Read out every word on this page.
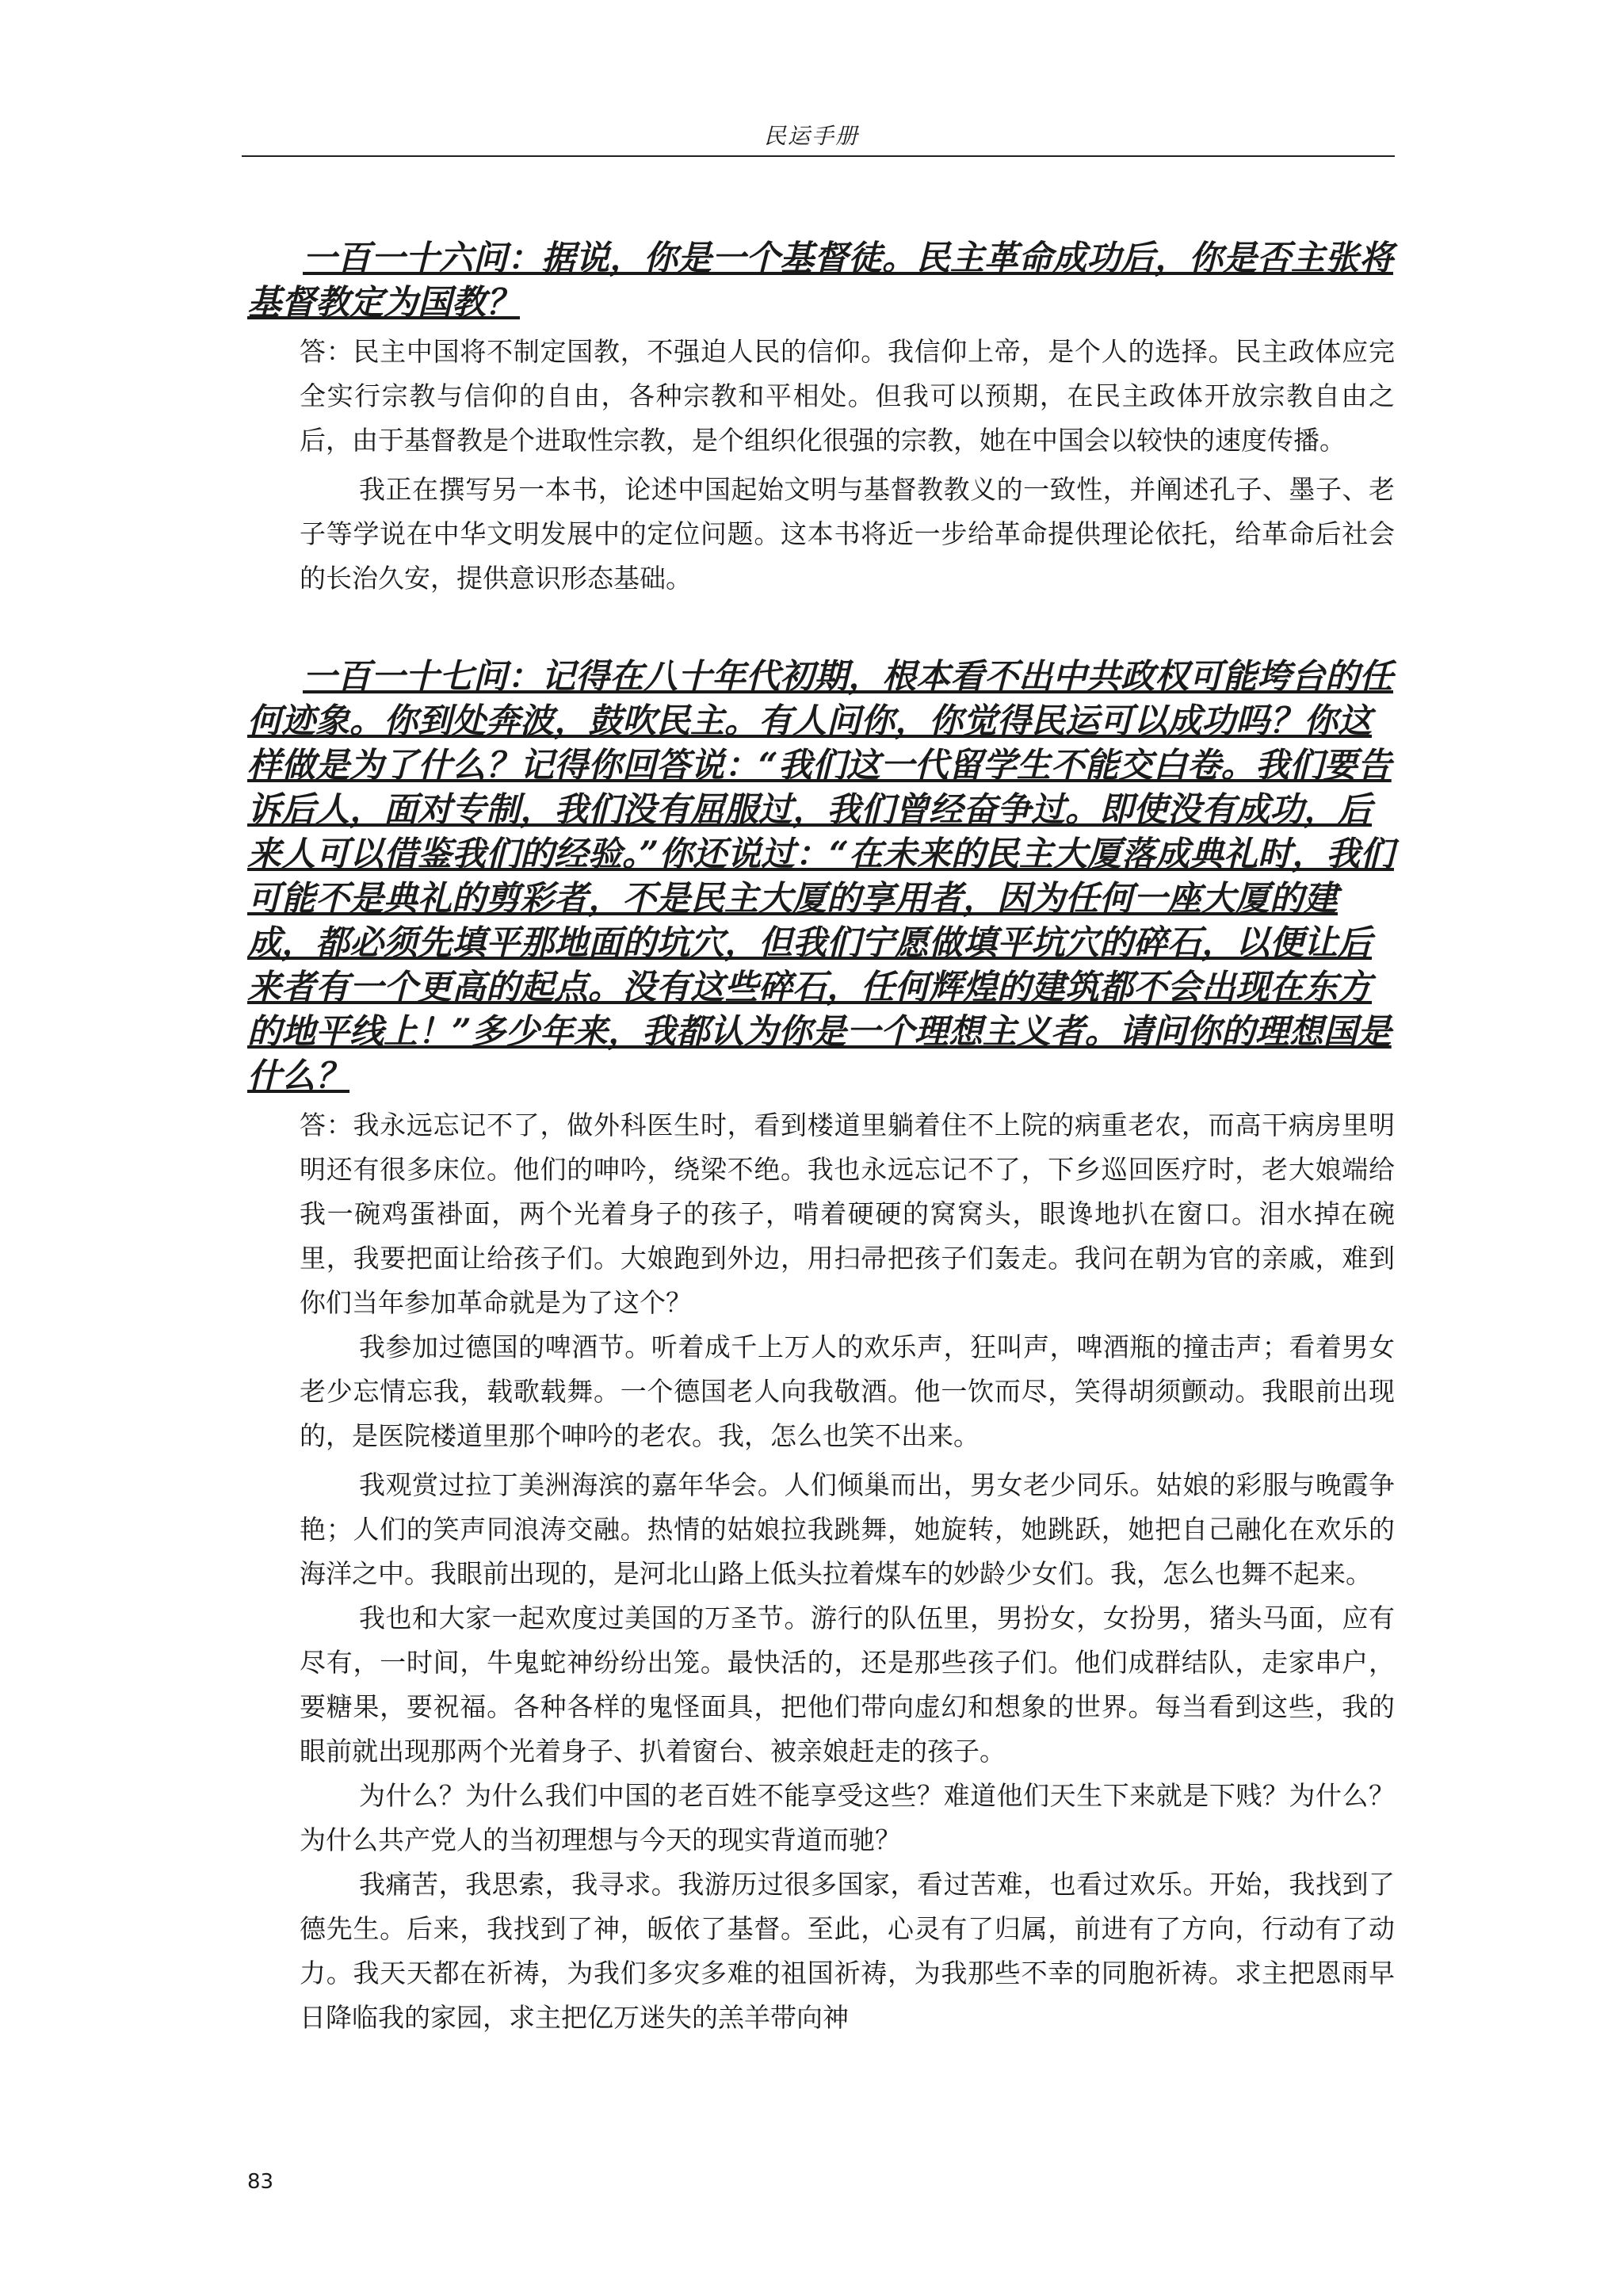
民运手册

一百一十六问：据说，你是一个基督徒。民主革命成功后，你是否主张将基督教定为国教？

答：民主中国将不制定国教，不强迫人民的信仰。我信仰上帝，是个人的选择。民主政体应完全实行宗教与信仰的自由，各种宗教和平相处。但我可以预期，在民主政体开放宗教自由之后，由于基督教是个进取性宗教，是个组织化很强的宗教，她在中国会以较快的速度传播。

我正在撰写另一本书，论述中国起始文明与基督教教义的一致性，并阐述孔子、墨子、老子等学说在中华文明发展中的定位问题。这本书将近一步给革命提供理论依托，给革命后社会的长治久安，提供意识形态基础。

一百一十七问：记得在八十年代初期，根本看不出中共政权可能垮台的任何迹象。你到处奔波，鼓吹民主。有人问你，你觉得民运可以成功吗？你这样做是为了什么？记得你回答说：“我们这一代留学生不能交白卷。我们要告诉后人，面对专制，我们没有屈服过，我们曾经奋争过。即使没有成功，后来人可以借鉴我们的经验。”你还说过：“在未来的民主大厦落成典礼时，我们可能不是典礼的剪彩者，不是民主大厦的享用者，因为任何一座大厦的建成，都必须先填平那地面的坑穴，但我们宁愿做填平坑穴的碎石，以便让后来者有一个更高的起点。没有这些碎石，任何辉煌的建筑都不会出现在东方的地平线上！”多少年来，我都认为你是一个理想主义者。请问你的理想国是什么？

答：我永远忘记不了，做外科医生时，看到楼道里躺着住不上院的病重老农，而高干病房里明明还有很多床位。他们的呻吟，绕梁不绝。我也永远忘记不了，下乡巡回医疗时，老大娘端给我一碗鸡蛋褂面，两个光着身子的孩子，啃着硬硬的窝窝头，眼谗地扒在窗口。泪水掉在碗里，我要把面让给孩子们。大娘跑到外边，用扫帚把孩子们轰走。我问在朝为官的亲戚，难到你们当年参加革命就是为了这个？

我参加过德国的啤酒节。听着成千上万人的欢乐声，狂叫声，啤酒瓶的撞击声；看着男女老少忘情忘我，载歌载舞。一个德国老人向我敬酒。他一饮而尽，笑得胡须颤动。我眼前出现的，是医院楼道里那个呻吟的老农。我，怎么也笑不出来。

我观赏过拉丁美洲海滨的嘉年华会。人们倾巢而出，男女老少同乐。姑娘的彩服与晚霞争艳；人们的笑声同浪涛交融。热情的姑娘拉我跳舞，她旋转，她跳跃，她把自己融化在欢乐的海洋之中。我眼前出现的，是河北山路上低头拉着煤车的妙龄少女们。我，怎么也舞不起来。

我也和大家一起欢度过美国的万圣节。游行的队伍里，男扮女，女扮男，猪头马面，应有尽有，一时间，牛鬼蛇神纷纷出笼。最快活的，还是那些孩子们。他们成群结队，走家串户，要糖果，要祝福。各种各样的鬼怪面具，把他们带向虚幻和想象的世界。每当看到这些，我的眼前就出现那两个光着身子、扒着窗台、被亲娘赶走的孩子。

为什么？为什么我们中国的老百姓不能享受这些？难道他们天生下来就是下贱？为什么？为什么共产党人的当初理想与今天的现实背道而驰？

我痛苦，我思索，我寻求。我游历过很多国家，看过苦难，也看过欢乐。开始，我找到了德先生。后来，我找到了神，皈依了基督。至此，心灵有了归属，前进有了方向，行动有了动力。我天天都在祈祷，为我们多灾多难的祖国祈祷，为我那些不幸的同胞祈祷。求主把恩雨早日降临我的家园，求主把亿万迷失的羔羊带向神

83
